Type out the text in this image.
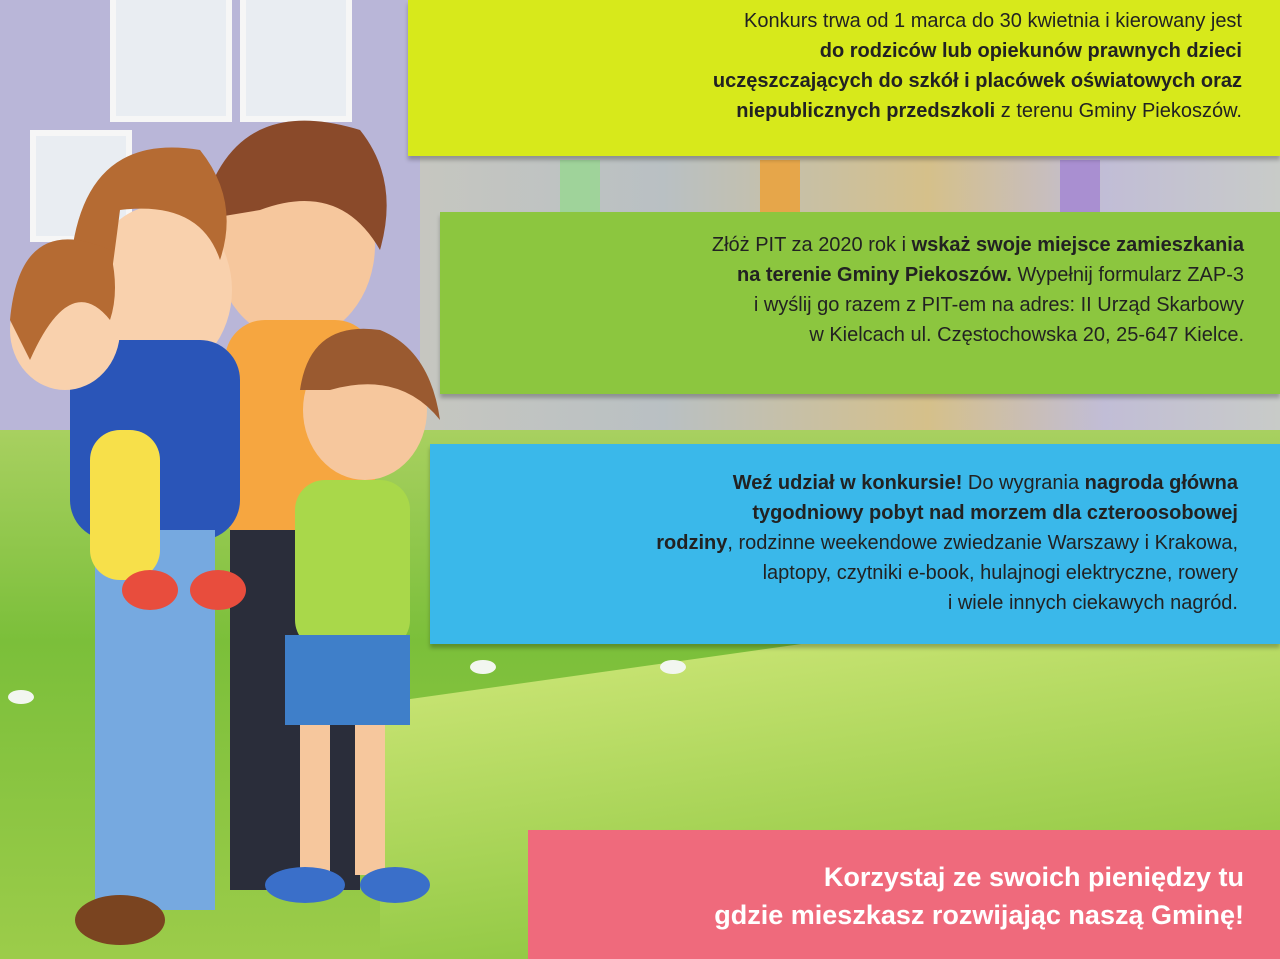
Konkurs trwa od 1 marca do 30 kwietnia i kierowany jest
do rodziców lub opiekunów prawnych dzieci
uczęszczających do szkół i placówek oświatowych oraz
niepublicznych przedszkoli z terenu Gminy Piekoszów.
Złóż PIT za 2020 rok i wskaż swoje miejsce zamieszkania
na terenie Gminy Piekoszów. Wypełnij formularz ZAP-3
i wyślij go razem z PIT-em na adres: II Urząd Skarbowy
w Kielcach ul. Częstochowska 20, 25-647 Kielce.
Weź udział w konkursie! Do wygrania nagroda główna
tygodniowy pobyt nad morzem dla czteroosobowej
rodziny, rodzinne weekendowe zwiedzanie Warszawy i Krakowa,
laptopy, czytniki e-book, hulajnogi elektryczne, rowery
i wiele innych ciekawych nagród.
Korzystaj ze swoich pieniędzy tu
gdzie mieszkasz rozwijając naszą Gminę!
